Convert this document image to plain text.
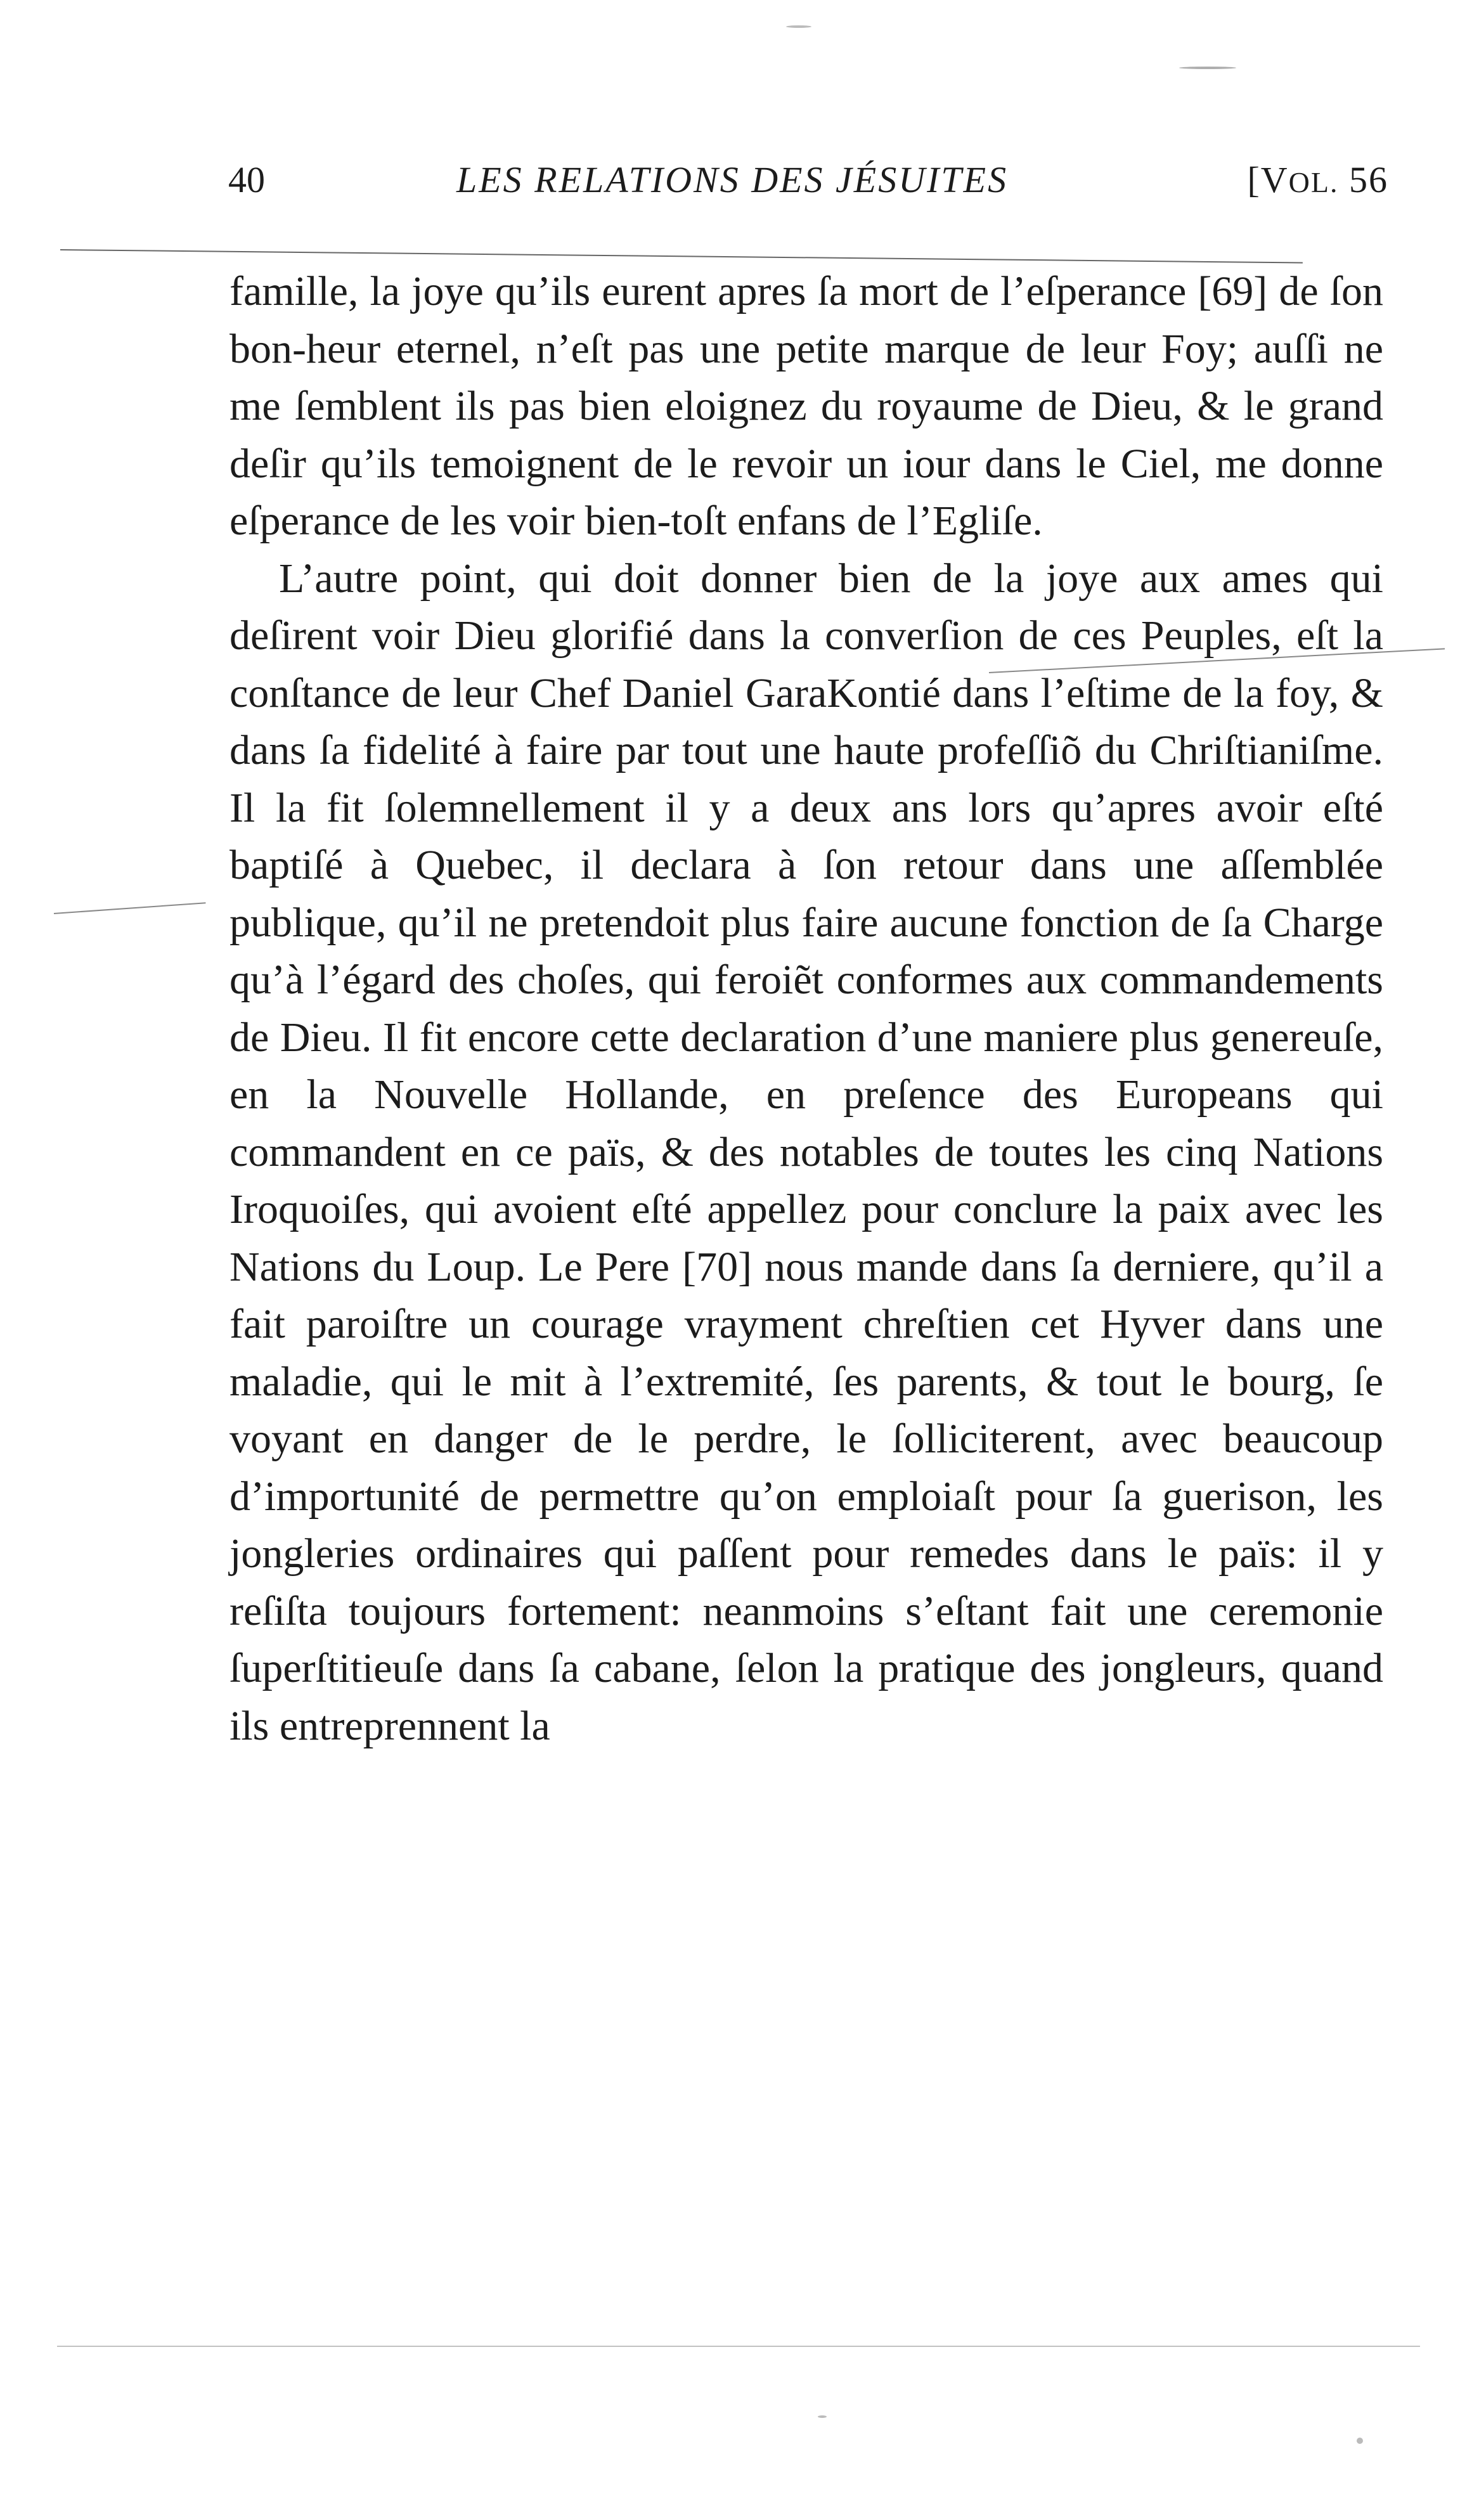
40	LES RELATIONS DES JÉSUITES	[VOL. 56

famille, la joye qu’ils eurent apres ſa mort de l’eſperance [69] de ſon bon-heur eternel, n’eſt pas une petite marque de leur Foy; auſſi ne me ſemblent ils pas bien eloignez du royaume de Dieu, & le grand deſir qu’ils temoignent de le revoir un iour dans le Ciel, me donne eſperance de les voir bien-toſt enfans de l’Egliſe.

L’autre point, qui doit donner bien de la joye aux ames qui deſirent voir Dieu glorifié dans la converſion de ces Peuples, eſt la conſtance de leur Chef Daniel GaraKontié dans l’eſtime de la foy, & dans ſa fidelité à faire par tout une haute profeſſiõ du Chriſtianiſme. Il la fit ſolemnellement il y a deux ans lors qu’apres avoir eſté baptiſé à Quebec, il declara à ſon retour dans une aſſemblée publique, qu’il ne pretendoit plus faire aucune fonction de ſa Charge qu’à l’égard des choſes, qui feroiẽt conformes aux commandements de Dieu. Il fit encore cette declaration d’une maniere plus genereuſe, en la Nouvelle Hollande, en preſence des Europeans qui commandent en ce païs, & des notables de toutes les cinq Nations Iroquoiſes, qui avoient eſté appellez pour conclure la paix avec les Nations du Loup. Le Pere [70] nous mande dans ſa derniere, qu’il a fait paroiſtre un courage vrayment chreſtien cet Hyver dans une maladie, qui le mit à l’extremité, ſes parents, & tout le bourg, ſe voyant en danger de le perdre, le ſolliciterent, avec beaucoup d’importunité de permettre qu’on emploiaſt pour ſa guerison, les jongleries ordinaires qui paſſent pour remedes dans le païs: il y reſiſta toujours fortement: neanmoins s’eſtant fait une ceremonie ſuperſtitieuſe dans ſa cabane, ſelon la pratique des jongleurs, quand ils entreprennent la
